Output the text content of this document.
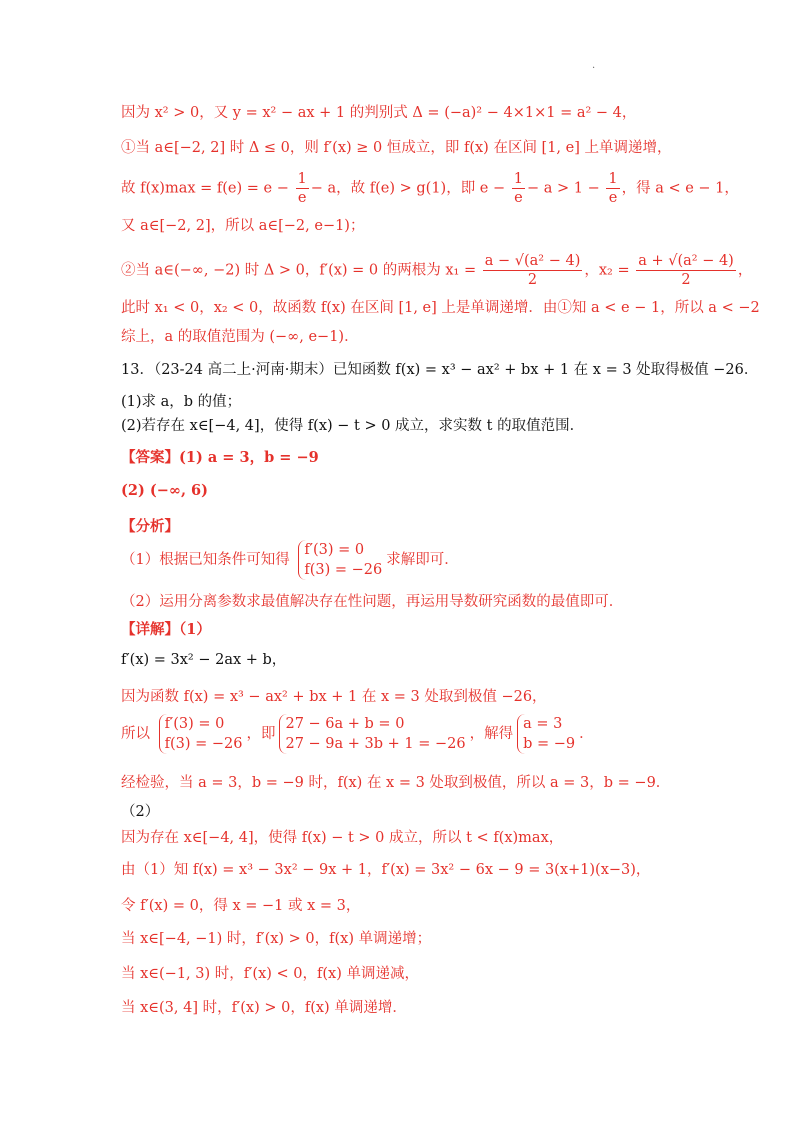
.
因为 x² > 0，又 y = x² − ax + 1 的判别式 Δ = (−a)² − 4×1×1 = a² − 4，
①当 a∈[−2, 2] 时 Δ ≤ 0，则 f′(x) ≥ 0 恒成立，即 f(x) 在区间 [1, e] 上单调递增，
故 $f(x)\max = f(e) = e - \frac{1}{e} - a$，故 f(e) > g(1)，即 $e - \frac{1}{e} - a > 1 - \frac{1}{e}$ ，得 a < e − 1，
又 a∈[−2, 2]，所以 a∈[−2, e−1)；
②当 a∈(−∞, −2) 时 Δ > 0，f′(x) = 0 的两根为 $x_1 = \frac{\text{a − √(a² − 4)}}{2}$ ，$x_2 = \frac{\text{a + √(a² − 4)}}{2}$ ，
此时 x₁ < 0，x₂ < 0，故函数 f(x) 在区间 [1, e] 上是单调递增．由①知 a < e − 1，所以 a < −2
综上，a 的取值范围为 (−∞, e−1)．
13．（23-24 高二上·河南·期末）已知函数 f(x) = x³ − ax² + bx + 1 在 x = 3 处取得极值 −26．
(1)求 a，b 的值；
(2)若存在 x∈[−4, 4]，使得 f(x) − t > 0 成立，求实数 t 的取值范围．
【答案】(1) a = 3，b = −9
(2) (−∞, 6)
【分析】
（1）根据已知条件可知得
f′(3) = 0
f(3) = −26
求解即可．
（2）运用分离参数求最值解决存在性问题，再运用导数研究函数的最值即可．
【详解】（1）
f′(x) = 3x² − 2ax + b，
因为函数 f(x) = x³ − ax² + bx + 1 在 x = 3 处取到极值 −26，
所以
f′(3) = 0
f(3) = −26
，即
27 − 6a + b = 0
27 − 9a + 3b + 1 = −26
，解得
a = 3
b = −9
．
经检验，当 a = 3，b = −9 时，f(x) 在 x = 3 处取到极值，所以 a = 3，b = −9．
（2）
因为存在 x∈[−4, 4]，使得 f(x) − t > 0 成立，所以 t < f(x)max，
由（1）知 f(x) = x³ − 3x² − 9x + 1，f′(x) = 3x² − 6x − 9 = 3(x+1)(x−3)，
令 f′(x) = 0，得 x = −1 或 x = 3，
当 x∈[−4, −1) 时，f′(x) > 0，f(x) 单调递增；
当 x∈(−1, 3) 时，f′(x) < 0，f(x) 单调递减，
当 x∈(3, 4] 时，f′(x) > 0，f(x) 单调递增．
